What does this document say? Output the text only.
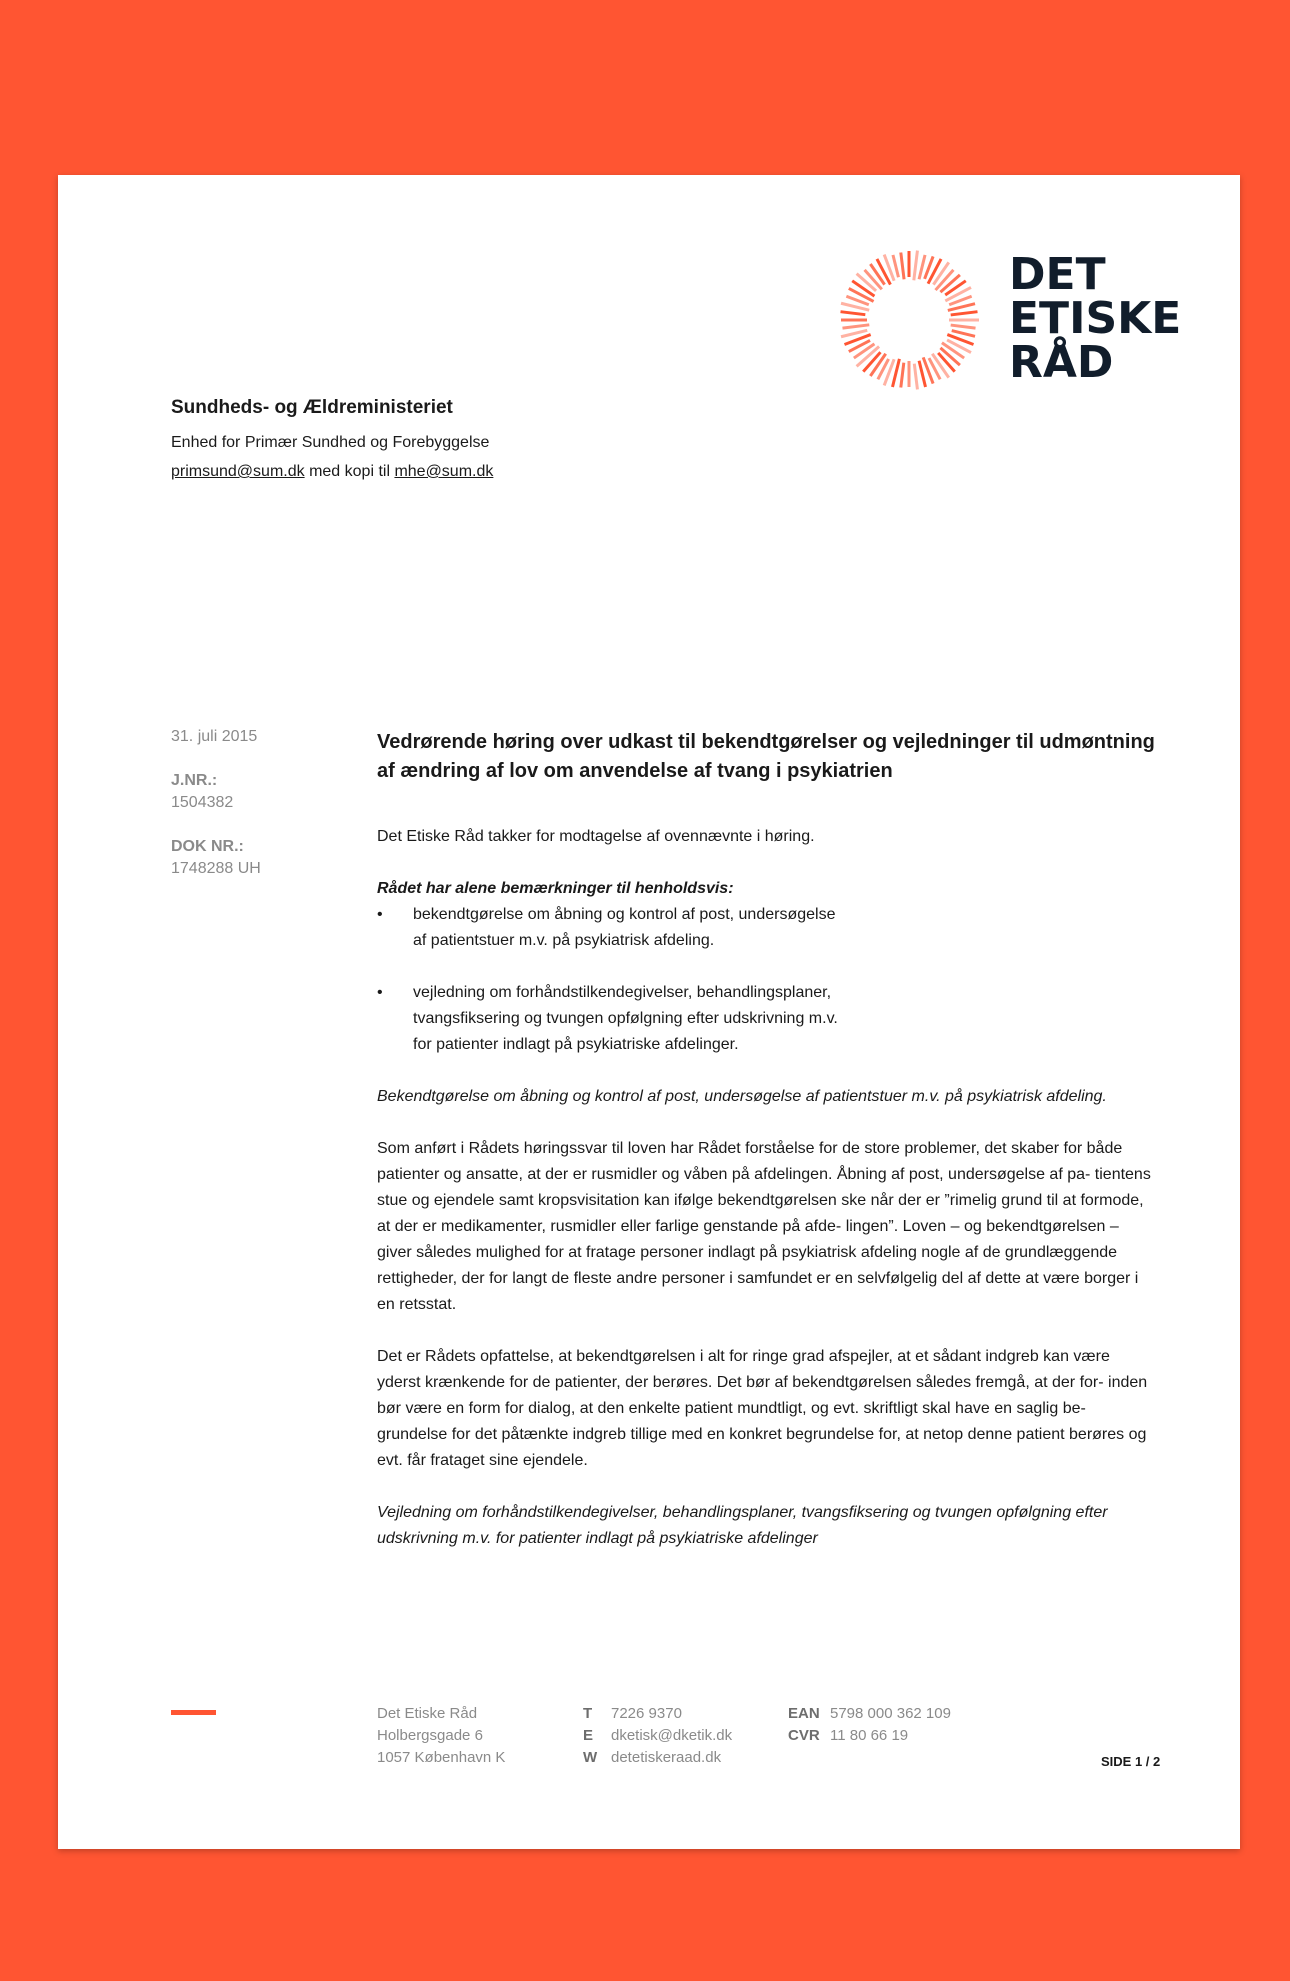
DET
ETISKE
RÅD
Sundheds- og Ældreministeriet
Enhed for Primær Sundhed og Forebyggelse
primsund@sum.dk med kopi til mhe@sum.dk
31. juli 2015
J.NR.:
1504382
DOK NR.:
1748288 UH
Vedrørende høring over udkast til bekendtgørelser og vejledninger til udmøntning af ændring af lov om anvendelse af tvang i psykiatrien

Det Etiske Råd takker for modtagelse af ovennævnte i høring.

Rådet har alene bemærkninger til henholdsvis:

• bekendtgørelse om åbning og kontrol af post, undersøgelse af patientstuer m.v. på psykiatrisk afdeling.
• vejledning om forhåndstilkendegivelser, behandlingsplaner, tvangsfiksering og tvungen opfølgning efter udskrivning m.v. for patienter indlagt på psykiatriske afdelinger.

Bekendtgørelse om åbning og kontrol af post, undersøgelse af patientstuer m.v. på psykiatrisk afdeling.

Som anført i Rådets høringssvar til loven har Rådet forståelse for de store problemer, det skaber for både patienter og ansatte, at der er rusmidler og våben på afdelingen. Åbning af post, undersøgelse af pa- tientens stue og ejendele samt kropsvisitation kan ifølge bekendtgørelsen ske når der er ”rimelig grund til at formode, at der er medikamenter, rusmidler eller farlige genstande på afde- lingen”. Loven – og bekendtgørelsen – giver således mulighed for at fratage personer indlagt på psykiatrisk afdeling nogle af de grundlæggende rettigheder, der for langt de fleste andre personer i samfundet er en selvfølgelig del af dette at være borger i en retsstat.

Det er Rådets opfattelse, at bekendtgørelsen i alt for ringe grad afspejler, at et sådant indgreb kan være yderst krænkende for de patienter, der berøres. Det bør af bekendtgørelsen således fremgå, at der for- inden bør være en form for dialog, at den enkelte patient mundtligt, og evt. skriftligt skal have en saglig be- grundelse for det påtænkte indgreb tillige med en konkret begrundelse for, at netop denne patient berøres og evt. får frataget sine ejendele.

Vejledning om forhåndstilkendegivelser, behandlingsplaner, tvangsfiksering og tvungen opfølgning efter udskrivning m.v. for patienter indlagt på psykiatriske afdelinger

Det Etiske Råd
Holbergsgade 6
1057 København K
T 7226 9370
E dketisk@dketik.dk
W detetiskeraad.dk
EAN 5798 000 362 109
CVR 11 80 66 19
SIDE 1 / 2
